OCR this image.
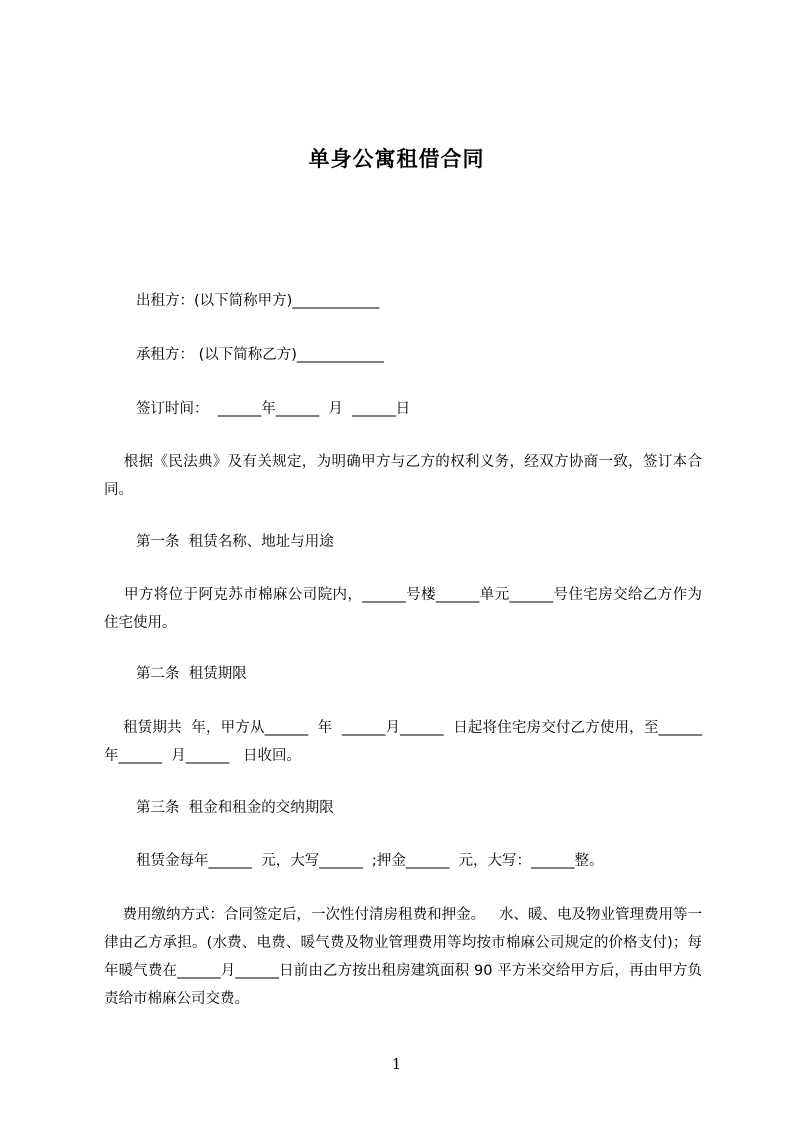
单身公寓租借合同
出租方：(以下简称甲方)____________
承租方： (以下简称乙方)____________
签订时间：  ______年______  月  ______日
根据《民法典》及有关规定，为明确甲方与乙方的权利义务，经双方协商一致，签订本合同。
第一条  租赁名称、地址与用途
甲方将位于阿克苏市棉麻公司院内，______号楼______单元______号住宅房交给乙方作为住宅使用。
第二条  租赁期限
租赁期共  年，甲方从______  年  ______月______  日起将住宅房交付乙方使用，至______  年______  月______   日收回。
第三条  租金和租金的交纳期限
租赁金每年______  元，大写______  ;押金______  元，大写：______整。
费用缴纳方式：合同签定后，一次性付清房租费和押金。   水、暖、电及物业管理费用等一律由乙方承担。(水费、电费、暖气费及物业管理费用等均按市棉麻公司规定的价格支付)；每年暖气费在______月______日前由乙方按出租房建筑面积 90 平方米交给甲方后，再由甲方负责给市棉麻公司交费。
1
